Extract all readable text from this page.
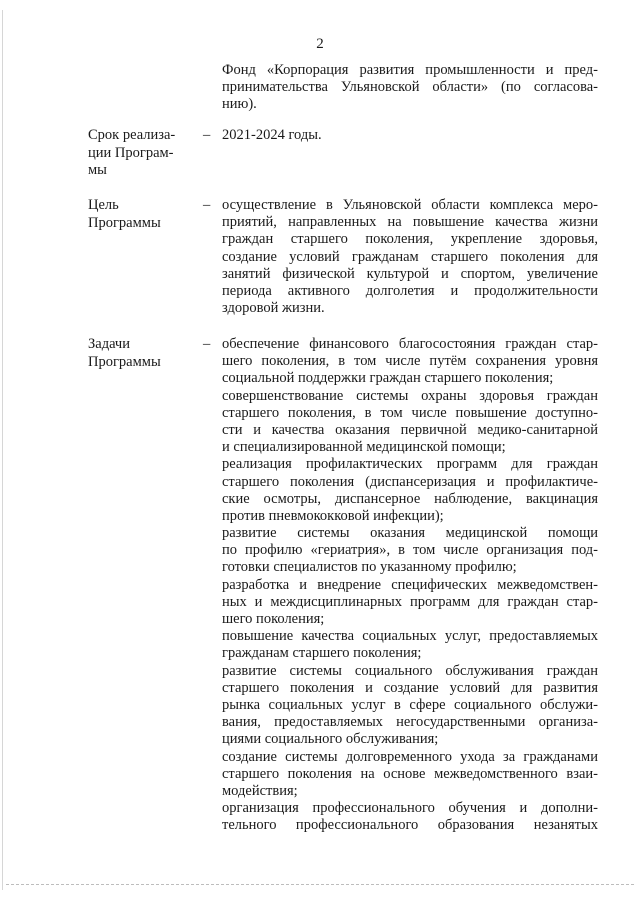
2
Фонд «Корпорация развития промышленности и пред-
принимательства Ульяновской области» (по согласова-
нию).
Срок реализа-
ции Програм-
мы
– 2021-2024 годы.
Цель
Программы
– осуществление в Ульяновской области комплекса меро-
приятий, направленных на повышение качества жизни
граждан старшего поколения, укрепление здоровья,
создание условий гражданам старшего поколения для
занятий физической культурой и спортом, увеличение
периода активного долголетия и продолжительности
здоровой жизни.
Задачи
Программы
– обеспечение финансового благосостояния граждан стар-
шего поколения, в том числе путём сохранения уровня
социальной поддержки граждан старшего поколения;
совершенствование системы охраны здоровья граждан
старшего поколения, в том числе повышение доступно-
сти и качества оказания первичной медико-санитарной
и специализированной медицинской помощи;
реализация профилактических программ для граждан
старшего поколения (диспансеризация и профилактиче-
ские осмотры, диспансерное наблюдение, вакцинация
против пневмококковой инфекции);
развитие системы оказания медицинской помощи
по профилю «гериатрия», в том числе организация под-
готовки специалистов по указанному профилю;
разработка и внедрение специфических межведомствен-
ных и междисциплинарных программ для граждан стар-
шего поколения;
повышение качества социальных услуг, предоставляемых
гражданам старшего поколения;
развитие системы социального обслуживания граждан
старшего поколения и создание условий для развития
рынка социальных услуг в сфере социального обслужи-
вания, предоставляемых негосударственными организа-
циями социального обслуживания;
создание системы долговременного ухода за гражданами
старшего поколения на основе межведомственного взаи-
модействия;
организация профессионального обучения и дополни-
тельного профессионального образования незанятых
